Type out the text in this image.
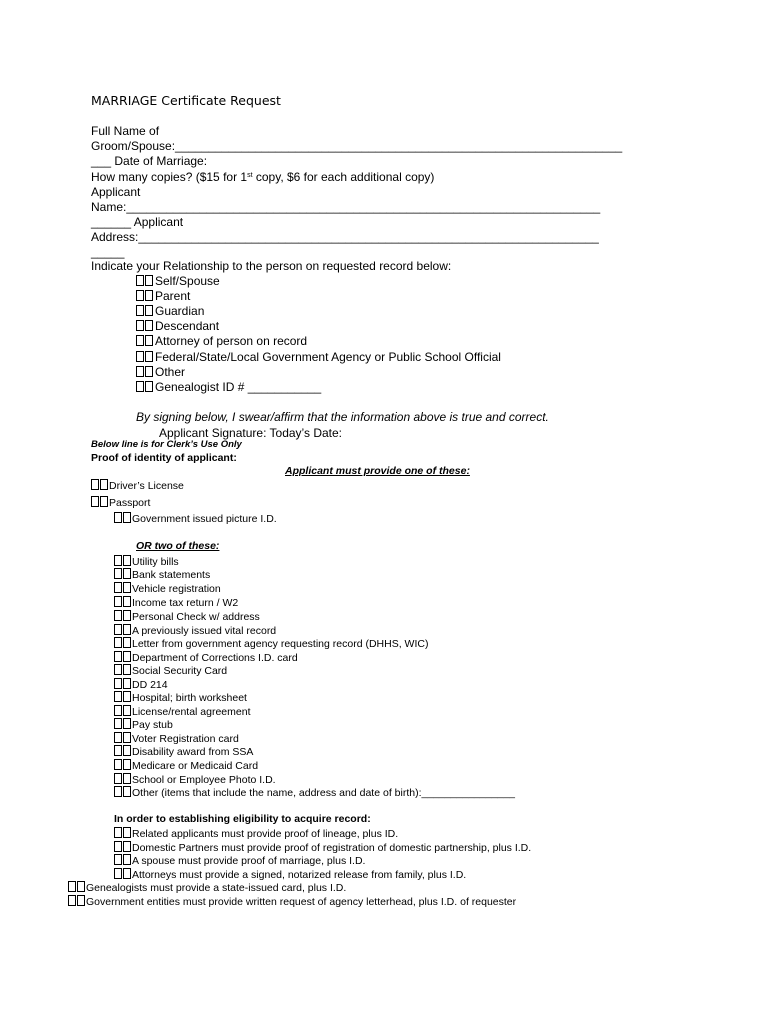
MARRIAGE Certificate Request
Full Name of
Groom/Spouse:___________________________________________________________________
___ Date of Marriage:
How many copies? ($15 for 1st copy, $6 for each additional copy)
Applicant
Name:_______________________________________________________________________
______ Applicant
Address:_____________________________________________________________________
_____
Indicate your Relationship to the person on requested record below:
Self/Spouse
Parent
Guardian
Descendant
Attorney of person on record
Federal/State/Local Government Agency or Public School Official
Other
Genealogist ID # ___________
By signing below, I swear/affirm that the information above is true and correct.
Applicant Signature: Today’s Date:
Below line is for Clerk’s Use Only
Proof of identity of applicant:
Applicant must provide one of these:
Driver’s License
Passport
Government issued picture I.D.
OR two of these:
Utility bills
Bank statements
Vehicle registration
Income tax return / W2
Personal Check w/ address
A previously issued vital record
Letter from government agency requesting record (DHHS, WIC)
Department of Corrections I.D. card
Social Security Card
DD 214
Hospital; birth worksheet
License/rental agreement
Pay stub
Voter Registration card
Disability award from SSA
Medicare or Medicaid Card
School or Employee Photo I.D.
Other (items that include the name, address and date of birth):________________
In order to establishing eligibility to acquire record:
Related applicants must provide proof of lineage, plus ID.
Domestic Partners must provide proof of registration of domestic partnership, plus I.D.
A spouse must provide proof of marriage, plus I.D.
Attorneys must provide a signed, notarized release from family, plus I.D.
Genealogists must provide a state-issued card, plus I.D.
Government entities must provide written request of agency letterhead, plus I.D. of requester
